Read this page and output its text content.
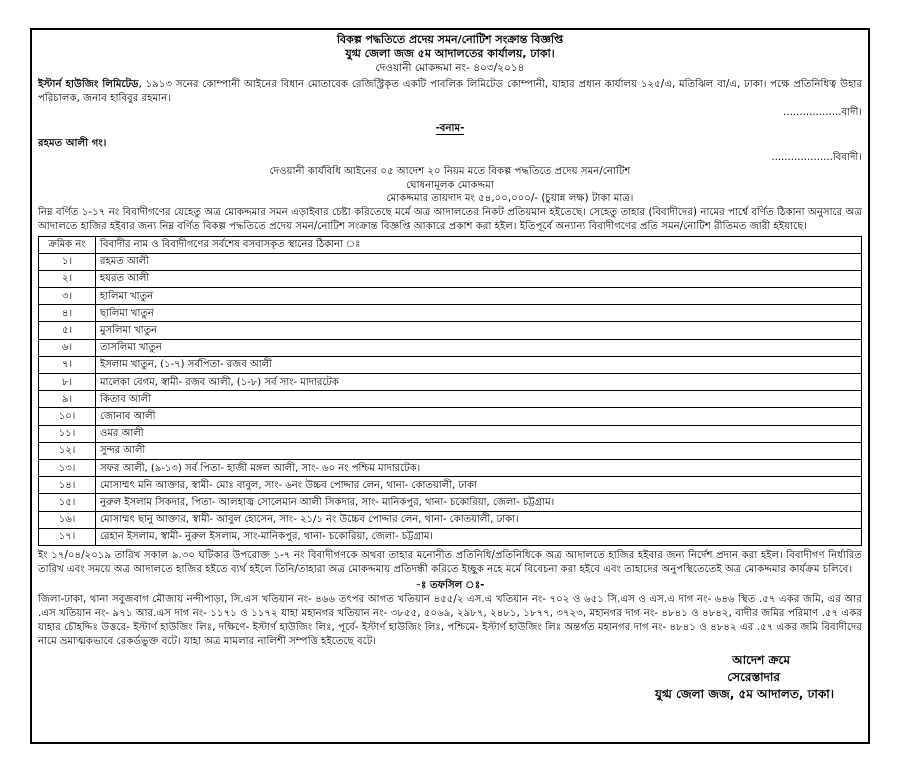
বিকল্প পদ্ধতিতে প্রদেয় সমন/নোটিশ সংক্রান্ত বিজ্ঞপ্তি
যুগ্ম জেলা জজ ৫ম আদালতের কার্যালয়, ঢাকা।
দেওয়ানী মোকদ্দমা নং- ৪০৩/২০১৪

ইস্টার্ন হাউজিং লিমিটেড, ১৯১৩ সনের কোম্পানী আইনের বিধান মোতাবেক রেজিস্ট্রিকৃত একটি পাবলিক লিমিটেড কোম্পানী, যাহার প্রধান কার্যালয় ১২৫/এ, মতিঝিল বা/এ, ঢাকা। পক্ষে প্রতিনিধিত্ব উহার পরিচালক, জনাব হাবিবুর রহমান।

..................বাদী।
-বনাম-
রহমত আলী গং।
...................বিবাদী।
দেওয়ানী কার্যবিধি আইনের ০৫ আদেশ ২০ নিয়ম মতে বিকল্প পদ্ধতিতে প্রদেয় সমন/নোটিশ
ঘোষনামূলক মোকদ্দমা
মোকদ্দমার তায়দাদ মং ৫৪,০০,০০০/- (চুয়ান্ন লক্ষ) টাকা মাত্র।

নিম্ন বর্ণিত ১-১৭ নং বিবাদীগণের যেহেতু অত্র মোকদ্দমার সমন এড়াইবার চেষ্টা করিতেছে মর্মে অত্র আদালতের নিকট প্রতিয়মান হইতেছে। সেহেতু তাহার (বিবাদীদের) নামের পার্শ্বে বর্ণিত ঠিকানা অনুসারে অত্র আদালতে হাজির হইবার জন্য নিম্ন বর্ণিত বিকল্প পদ্ধতিতে প্রদেয় সমন/নোটিশ সংক্রান্ত বিজ্ঞপ্তি আকারে প্রকাশ করা হইল। ইতিপূর্বে অন্যান্য বিবাদীগণের প্রতি সমন/নোটিশ রীতিমত জারী হইয়াছে।

ক্রমিক নং	বিবাদীর নাম ও বিবাদীগণের সর্বশেষ বসবাসকৃত স্থানের ঠিকানা ঃ
১।	রহমত আলী
২।	হযরত আলী
৩।	হালিমা খাতুন
৪।	ছালিমা খাতুন
৫।	মুসলিমা খাতুন
৬।	তাসলিমা খাতুন
৭।	ইসলাম খাতুন, (১-৭) সর্বপিতা- রজব আলী
৮।	মালেকা বেগম, স্বামী- রজব আলী, (১-৮) সর্ব সাং- মাদারটেক
৯।	কিতাব আলী
১০।	জোনাব আলী
১১।	ওমর আলী
১২।	সুন্দর আলী
১৩।	সফর আলী, (৯-১৩) সর্ব পিতা- হাজী মঙ্গল আলী, সাং- ৬০ নং পশ্চিম মাদারটেক।
১৪।	মোসাম্মৎ মনি আক্তার, স্বামী- মোঃ বাবুল, সাং- ৬নং উচ্চব পোদ্দার লেন, থানা- কোতয়ালী, ঢাকা
১৫।	নুরুল ইসলাম সিকদার, পিতা- আলহাজ্ব সোলেমান আলী সিকদার, সাং- মানিকপুর, থানা- চকোরিয়া, জেলা- চট্টগ্রাম।
১৬।	মোসাম্মৎ ছানু আক্তার, স্বামী- আবুল হোসেন, সাং- ২১/১ নং উচ্চেব পোদ্দার লেন, থানা- কোতয়ালী, ঢাকা।
১৭।	রেহান ইসলাম, স্বামী- নুরুল ইসলাম, সাং-মানিকপুর, থানা- চকোরিয়া, জেলা- চট্টগ্রাম।

ইং ১৭/০৪/২০১৯ তারিখ সকাল ৯.৩০ ঘটিকার উপরোক্ত ১-৭ নং বিবাদীগণকে অথবা তাহার মনোনীত প্রতিনিধি/প্রতিনিধিকে অত্র আদালতে হাজির হইবার জন্য নির্দেশ প্রদান করা হইল। বিবাদীগণ নির্ধারিত তারিখ এবং সময়ে অত্র আদালতে হাজির হইতে ব্যর্থ হইলে তিনি/তাহারা অত্র মোকদ্দমায় প্রতিদন্ধী করিতে ইচ্ছুক নহে মর্মে বিবেচনা করা হইবে এবং তাহাদের অনুপস্থিতেতেই অত্র মোকদ্দমার কার্যক্রম চলিবে।

-ঃ তফসিল ঃ-

জিলা-ঢাকা, থানা সবুজবাগ মৌজায় নন্দীপাড়া, সি.এস খতিয়ান নং- ৪৬৬ তৎপর আগত খতিয়ান ৪৫৫/২ এস.এ খতিয়ান নং- ৭০২ ও ৬৫১ সি.এস ও এস.এ দাগ নং- ৬৪৬ স্থিত .৫৭ একর জমি, এর আর .এস খতিয়ান নং- ৯৭১ আর.এস দাগ নং- ১১৭১ ও ১১৭২ যাহা মহানগর খতিয়ান নং- ৩৮৫৫, ৫০৬৯, ২৯৮৭, ২৪৮১, ১৮৭৭, ৩৭২৩, মহানগর দাগ নং- ৪৮৪১ ও ৪৮৪২, বাদীর জমির পরিমাণ .৫৭ একর যাহার চৌহদ্দিঃ উত্তরে- ইস্টার্ণ হাউজিং লিঃ, দক্ষিণে- ইস্টার্ণ হাউজিং লিঃ, পূর্বে- ইস্টার্ণ হাউজিং লিঃ, পশ্চিমে- ইস্টার্ণ হাউজিং লিঃ অন্তর্গত মহানগর দাগ নং- ৪৮৪১ ও ৪৮৪২ এর .৫৭ একর জমি বিবাদীদের নামে ভ্রমাত্মকভাবে রেকর্ডভুক্ত বটে। যাহা অত্র মামলার নালিশী সম্পত্তি হইতেছে বটে।

আদেশ ক্রমে
সেরেস্তাদার
যুগ্ম জেলা জজ, ৫ম আদালত, ঢাকা।
